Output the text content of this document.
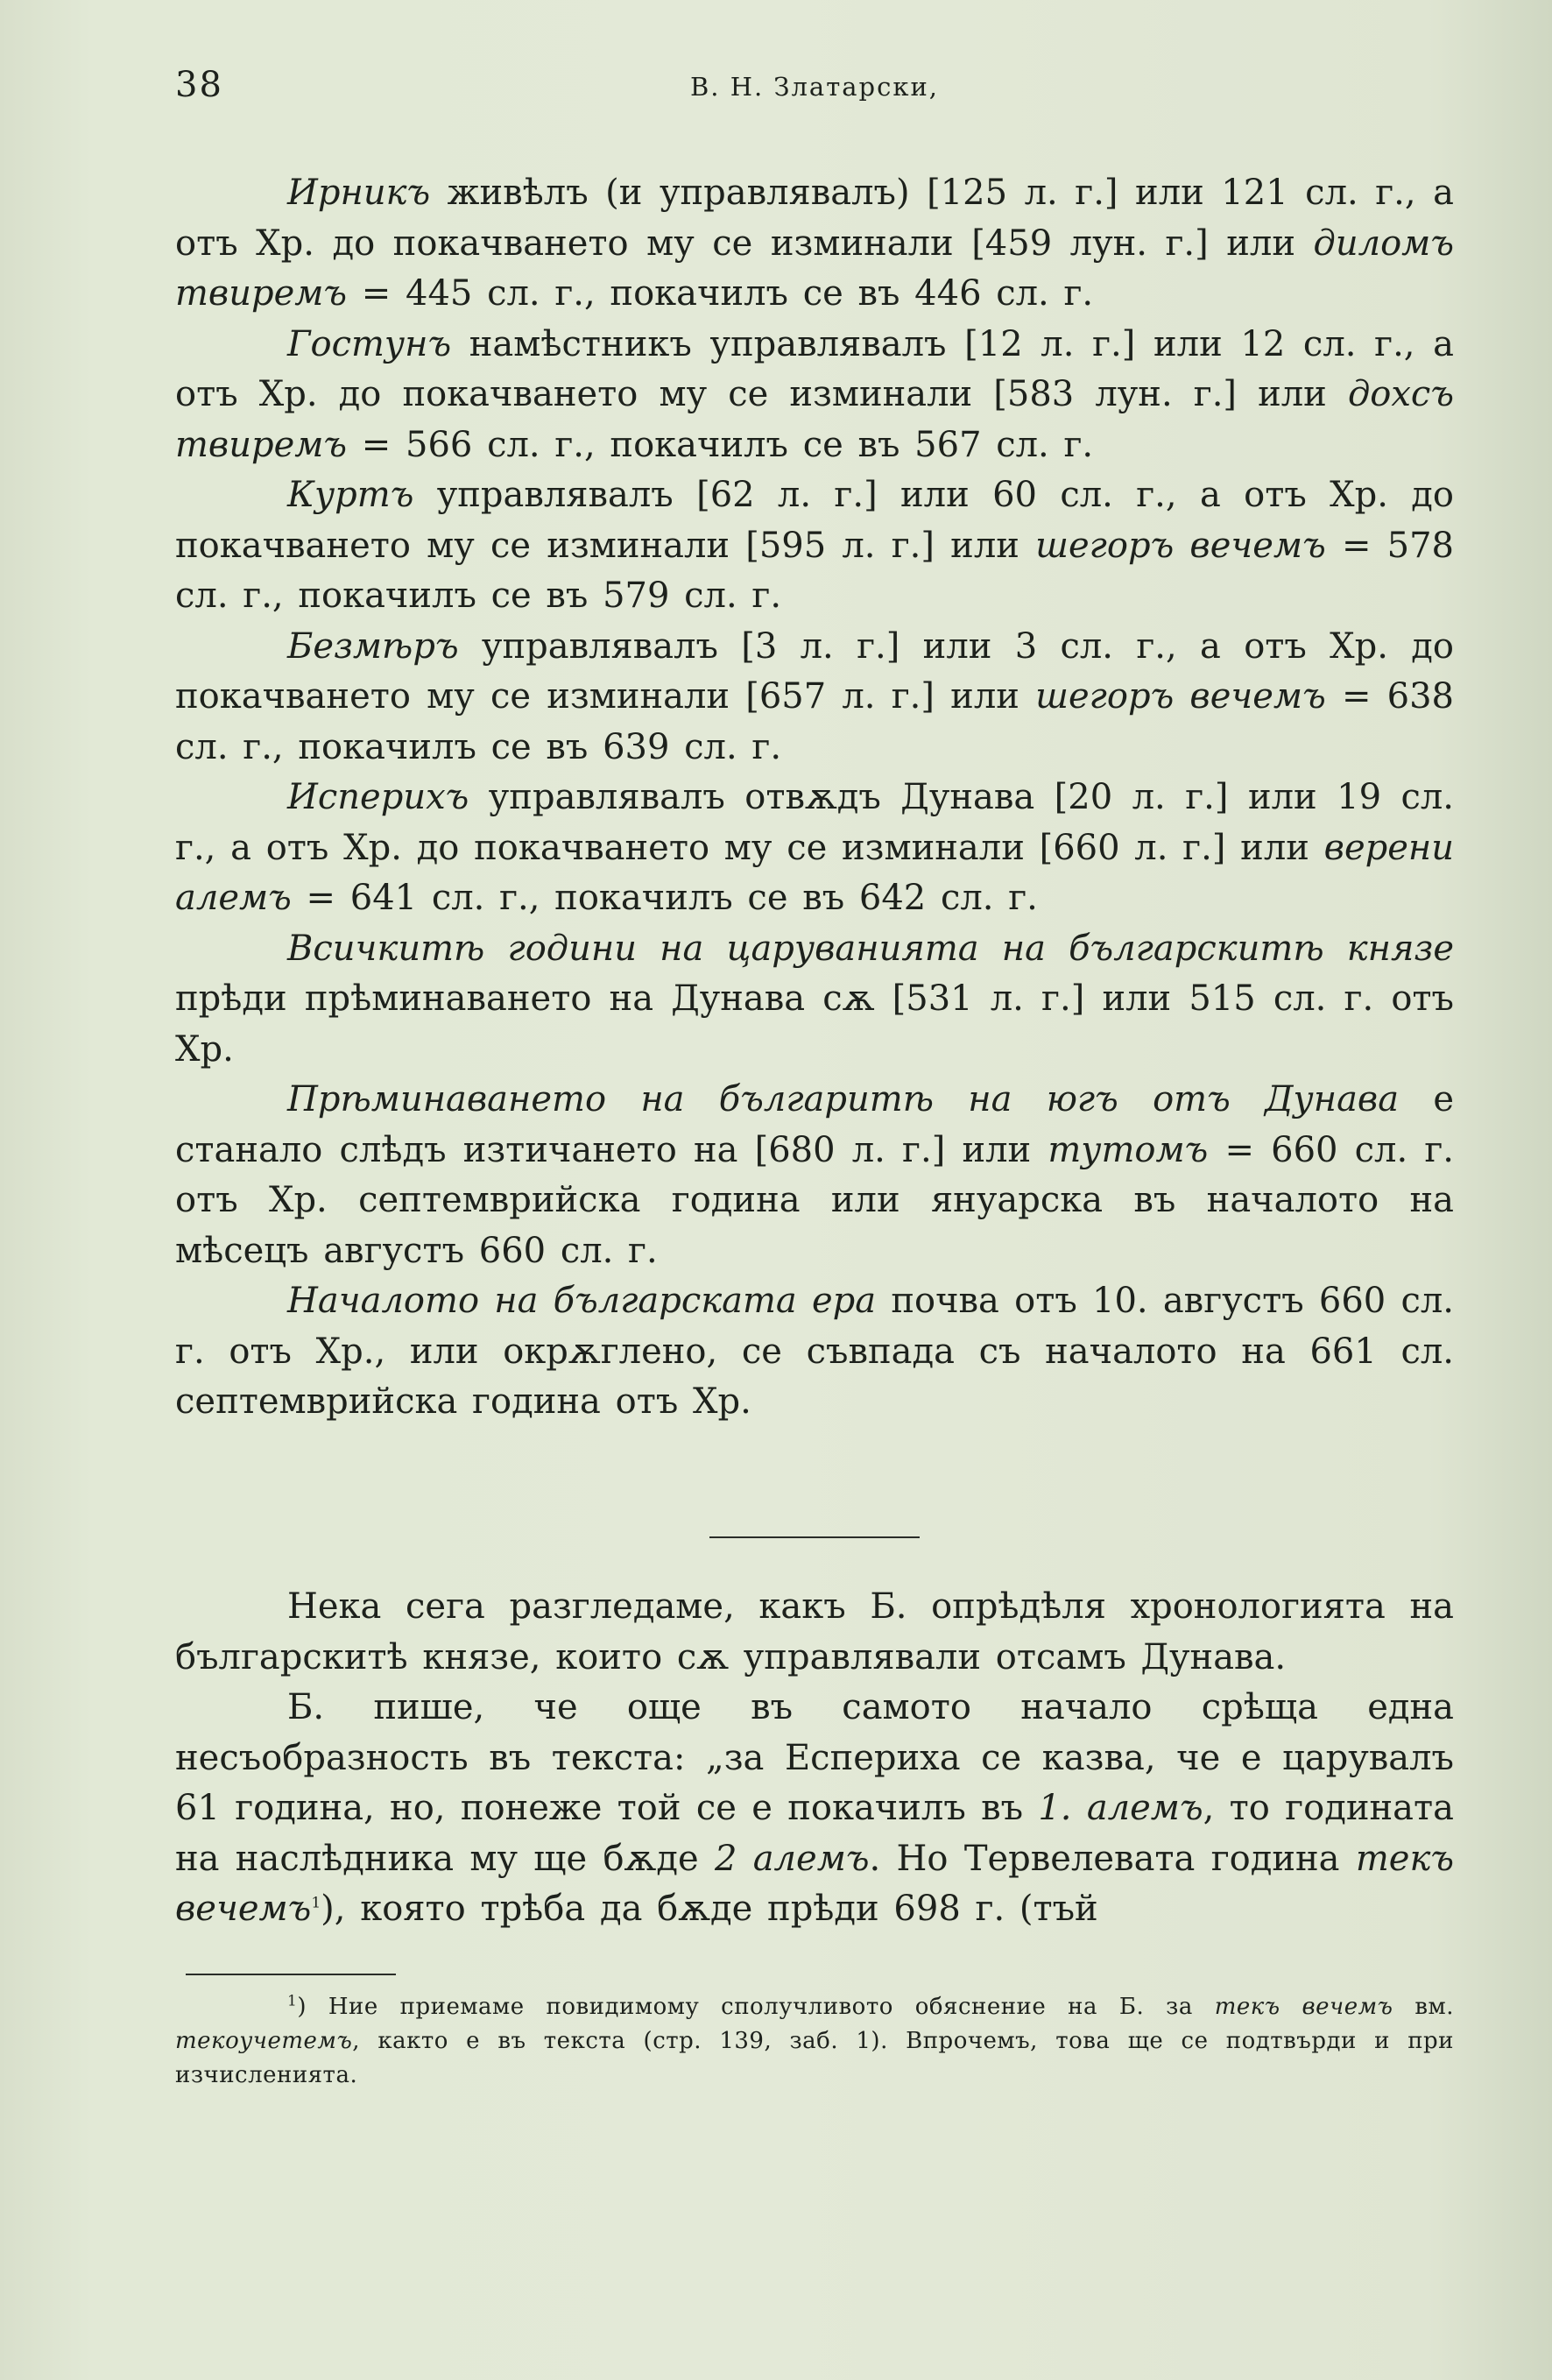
38	В. Н. Златарски,

Ирникъ живѣлъ (и управлявалъ) [125 л. г.] или 121 сл. г., а отъ Хр. до покачването му се изминали [459 лун. г.] или диломъ твиремъ = 445 сл. г., покачилъ се въ 446 сл. г.

Гостунъ намѣстникъ управлявалъ [12 л. г.] или 12 сл. г., а отъ Хр. до покачването му се изминали [583 лун. г.] или дохсъ твиремъ = 566 сл. г., покачилъ се въ 567 сл. г.

Куртъ управлявалъ [62 л. г.] или 60 сл. г., а отъ Хр. до покачването му се изминали [595 л. г.] или шегоръ вечемъ = 578 сл. г., покачилъ се въ 579 сл. г.

Безмѣръ управлявалъ [3 л. г.] или 3 сл. г., а отъ Хр. до покачването му се изминали [657 л. г.] или шегоръ вечемъ = 638 сл. г., покачилъ се въ 639 сл. г.

Исперихъ управлявалъ отвѫдъ Дунава [20 л. г.] или 19 сл. г., а отъ Хр. до покачването му се изминали [660 л. г.] или верени алемъ = 641 сл. г., покачилъ се въ 642 сл. г.

Всичкитѣ години на царуванията на българскитѣ князе прѣди прѣминаването на Дунава сѫ [531 л. г.] или 515 сл. г. отъ Хр.

Прѣминаването на българитѣ на югъ отъ Дунава е станало слѣдъ изтичането на [680 л. г.] или тутомъ = 660 сл. г. отъ Хр. септемврийска година или януарска въ началото на мѣсецъ августъ 660 сл. г.

Началото на българската ера почва отъ 10. августъ 660 сл. г. отъ Хр., или окрѫглено, се съвпада съ началото на 661 сл. септемврийска година отъ Хр.

Нека сега разгледаме, какъ Б. опрѣдѣля хронологията на българскитѣ князе, които сѫ управлявали отсамъ Дунава.

Б. пише, че още въ самото начало срѣща една несъобразность въ текста: „за Еспериха се казва, че е царувалъ 61 година, но, понеже той се е покачилъ въ 1. алемъ, то годината на наслѣдника му ще бѫде 2 алемъ. Но Тервелевата година текъ вечемъ$^1$), която трѣба да бѫде прѣди 698 г. (тъй

$^1$) Ние приемаме повидимому сполучливото обяснение на Б. за текъ вечемъ вм. текоучетемъ, както е въ текста (стр. 139, заб. 1). Впрочемъ, това ще се подтвърди и при изчисленията.
